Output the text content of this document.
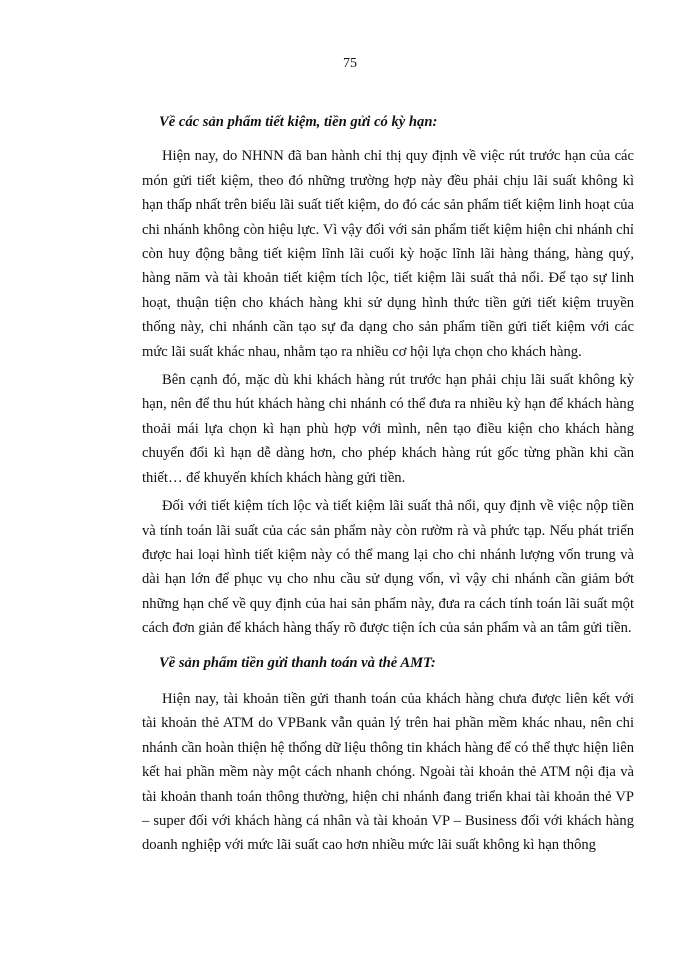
75

Về các sản phẩm tiết kiệm, tiền gửi có kỳ hạn:

Hiện nay, do NHNN đã ban hành chỉ thị quy định về việc rút trước hạn của các món gửi tiết kiệm, theo đó những trường hợp này đều phải chịu lãi suất không kì hạn thấp nhất trên biểu lãi suất tiết kiệm, do đó các sản phẩm tiết kiệm linh hoạt của chi nhánh không còn hiệu lực. Vì vậy đối với sản phẩm tiết kiệm hiện chi nhánh chỉ còn huy động bằng tiết kiệm lĩnh lãi cuối kỳ hoặc lĩnh lãi hàng tháng, hàng quý, hàng năm và tài khoản tiết kiệm tích lộc, tiết kiệm lãi suất thả nổi. Để tạo sự linh hoạt, thuận tiện cho khách hàng khi sử dụng hình thức tiền gửi tiết kiệm truyền thống này, chi nhánh cần tạo sự đa dạng cho sản phẩm tiền gửi tiết kiệm với các mức lãi suất khác nhau, nhằm tạo ra nhiều cơ hội lựa chọn cho khách hàng.

Bên cạnh đó, mặc dù khi khách hàng rút trước hạn phải chịu lãi suất không kỳ hạn, nên để thu hút khách hàng chi nhánh có thể đưa ra nhiều kỳ hạn để khách hàng thoải mái lựa chọn kì hạn phù hợp với mình, nên tạo điều kiện cho khách hàng chuyển đổi kì hạn dễ dàng hơn, cho phép khách hàng rút gốc từng phần khi cần thiết… để khuyến khích khách hàng gửi tiền.

Đối với tiết kiệm tích lộc và tiết kiệm lãi suất thả nổi, quy định về việc nộp tiền và tính toán lãi suất của các sản phẩm này còn rườm rà và phức tạp. Nếu phát triển được hai loại hình tiết kiệm này có thể mang lại cho chi nhánh lượng vốn trung và dài hạn lớn để phục vụ cho nhu cầu sử dụng vốn, vì vậy chi nhánh cần giảm bớt những hạn chế về quy định của hai sản phẩm này, đưa ra cách tính toán lãi suất một cách đơn giản để khách hàng thấy rõ được tiện ích của sản phẩm và an tâm gửi tiền.

Về sản phẩm tiền gửi thanh toán và thẻ AMT:

Hiện nay, tài khoản tiền gửi thanh toán của khách hàng chưa được liên kết với tài khoản thẻ ATM do VPBank vẫn quản lý trên hai phần mềm khác nhau, nên chi nhánh cần hoàn thiện hệ thống dữ liệu thông tin khách hàng để có thể thực hiện liên kết hai phần mềm này một cách nhanh chóng. Ngoài tài khoản thẻ ATM nội địa và tài khoản thanh toán thông thường, hiện chi nhánh đang triển khai tài khoản thẻ VP – super đối với khách hàng cá nhân và tài khoản VP – Business đối với khách hàng doanh nghiệp với mức lãi suất cao hơn nhiều mức lãi suất không kì hạn thông
